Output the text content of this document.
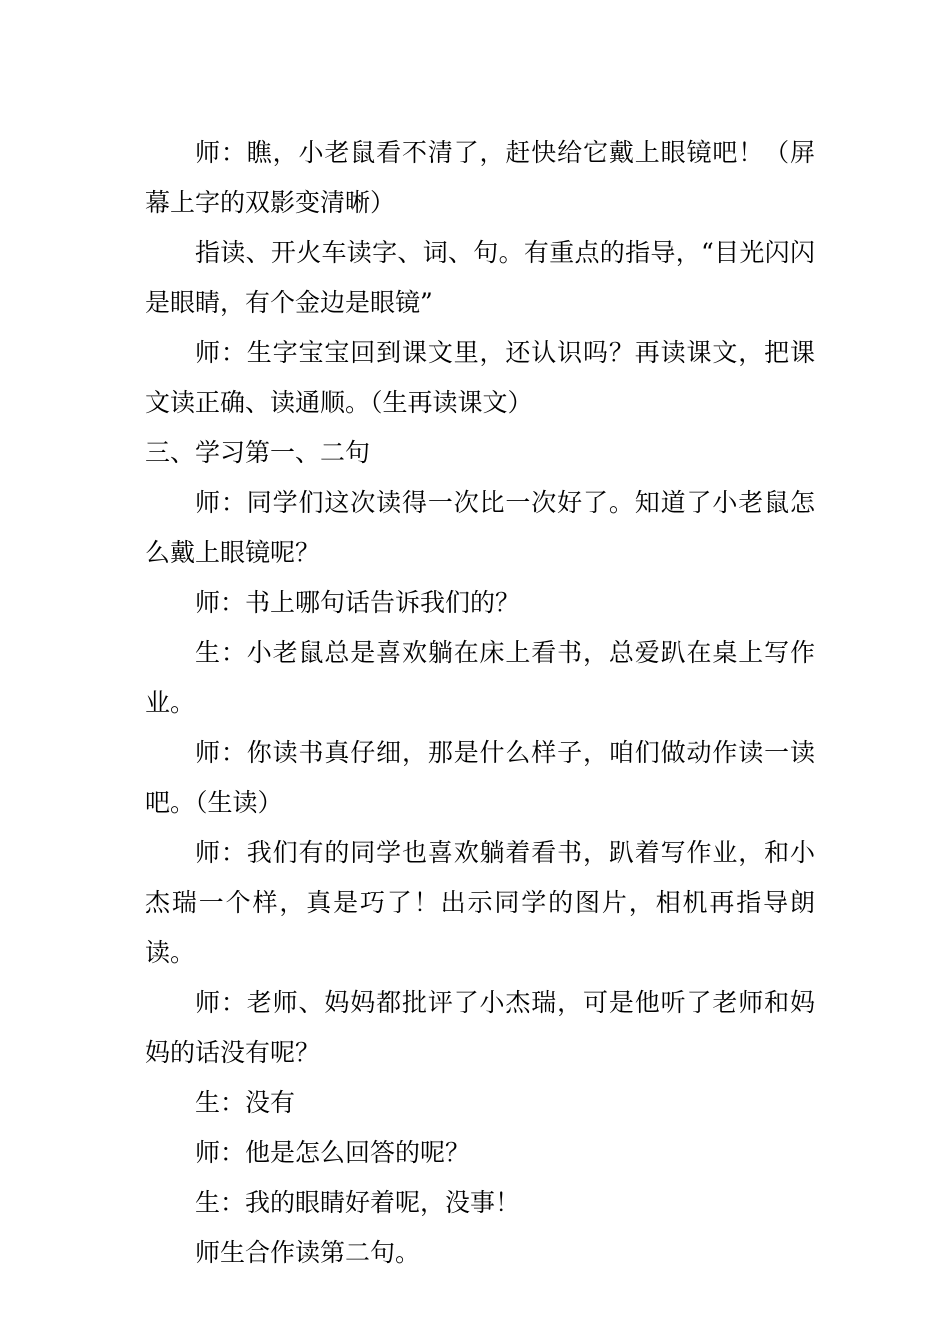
师：瞧，小老鼠看不清了，赶快给它戴上眼镜吧！（屏幕上字的双影变清晰）

指读、开火车读字、词、句。有重点的指导，“目光闪闪是眼睛，有个金边是眼镜”

师：生字宝宝回到课文里，还认识吗？再读课文，把课文读正确、读通顺。（生再读课文）

三、学习第一、二句

师：同学们这次读得一次比一次好了。知道了小老鼠怎么戴上眼镜呢？

师：书上哪句话告诉我们的？

生：小老鼠总是喜欢躺在床上看书，总爱趴在桌上写作业。

师：你读书真仔细，那是什么样子，咱们做动作读一读吧。（生读）

师：我们有的同学也喜欢躺着看书，趴着写作业，和小杰瑞一个样，真是巧了！出示同学的图片，相机再指导朗读。

师：老师、妈妈都批评了小杰瑞，可是他听了老师和妈妈的话没有呢？

生：没有

师：他是怎么回答的呢？

生：我的眼睛好着呢，没事！

师生合作读第二句。
